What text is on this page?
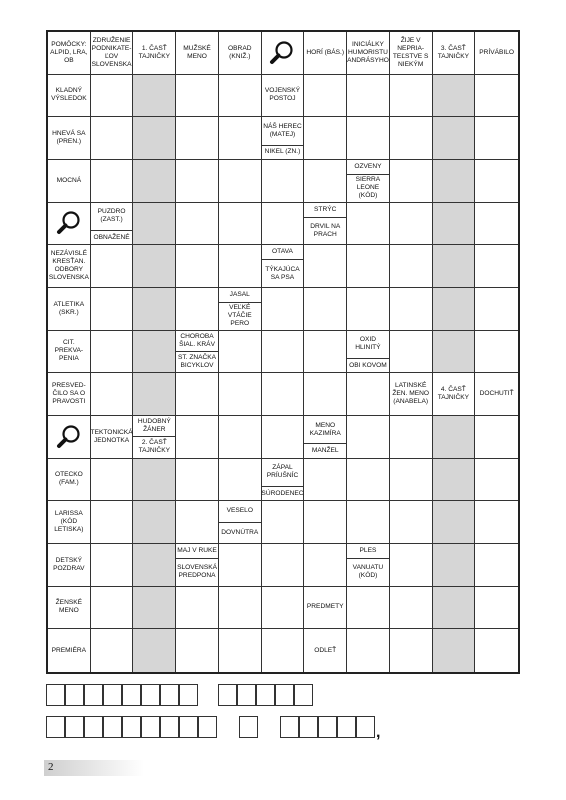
POMÔCKY: ALPID, LRA, OB
ZDRUŽENIE PODNIKATE-ĽOV SLOVENSKA
1. ČASŤ TAJNIČKY
MUŽSKÉ MENO
OBRAD (KNIŽ.)
HORÍ (BÁS.)
INICIÁLKY HUMORISTU ANDRÁSYHO
ŽIJE V NEPRIA-TEĽSTVE S NIEKÝM
3. ČASŤ TAJNIČKY
PRÍVÁBILO
KLADNÝ VÝSLEDOK
VOJENSKÝ POSTOJ
HNEVÁ SA (PREN.)
NÁŠ HEREC (MATEJ)
NIKEL (ZN.)
MOCNÁ
OZVENY
SIERRA LEONE (KÓD)
PUZDRO (ZAST.)
OBNAŽENÉ
STRÝC
DRVIL NA PRACH
NEZÁVISLÉ KRESŤAN. ODBORY SLOVENSKA
OTAVA
TÝKAJÚCA SA PSA
ATLETIKA (SKR.)
JASAL
VEĽKÉ VTÁČIE PERO
CIT. PREKVA-PENIA
CHOROBA ŠIAL. KRÁV
ST. ZNAČKA BICYKLOV
OXID HLINITÝ
OBI KOVOM
PRESVED-ČILO SA O PRAVOSTI
LATINSKÉ ŽEN. MENO (ANABELA)
4. ČASŤ TAJNIČKY
DOCHUTIŤ
TEKTONICKÁ JEDNOTKA
HUDOBNÝ ŽÁNER
2. ČASŤ TAJNIČKY
MENO KAZIMÍRA
MANŽEL
OTECKO (FAM.)
ZÁPAL PRÍUŠNÍC
SÚRODENEC
LARISSA (KÓD LETISKA)
VESELO
DOVNÚTRA
DETSKÝ POZDRAV
MAJ V RUKE
SLOVENSKÁ PREDPONA
PLES
VANUATU (KÓD)
ŽENSKÉ MENO
PREDMETY
PREMIÉRA	ODLEŤ
,
2
